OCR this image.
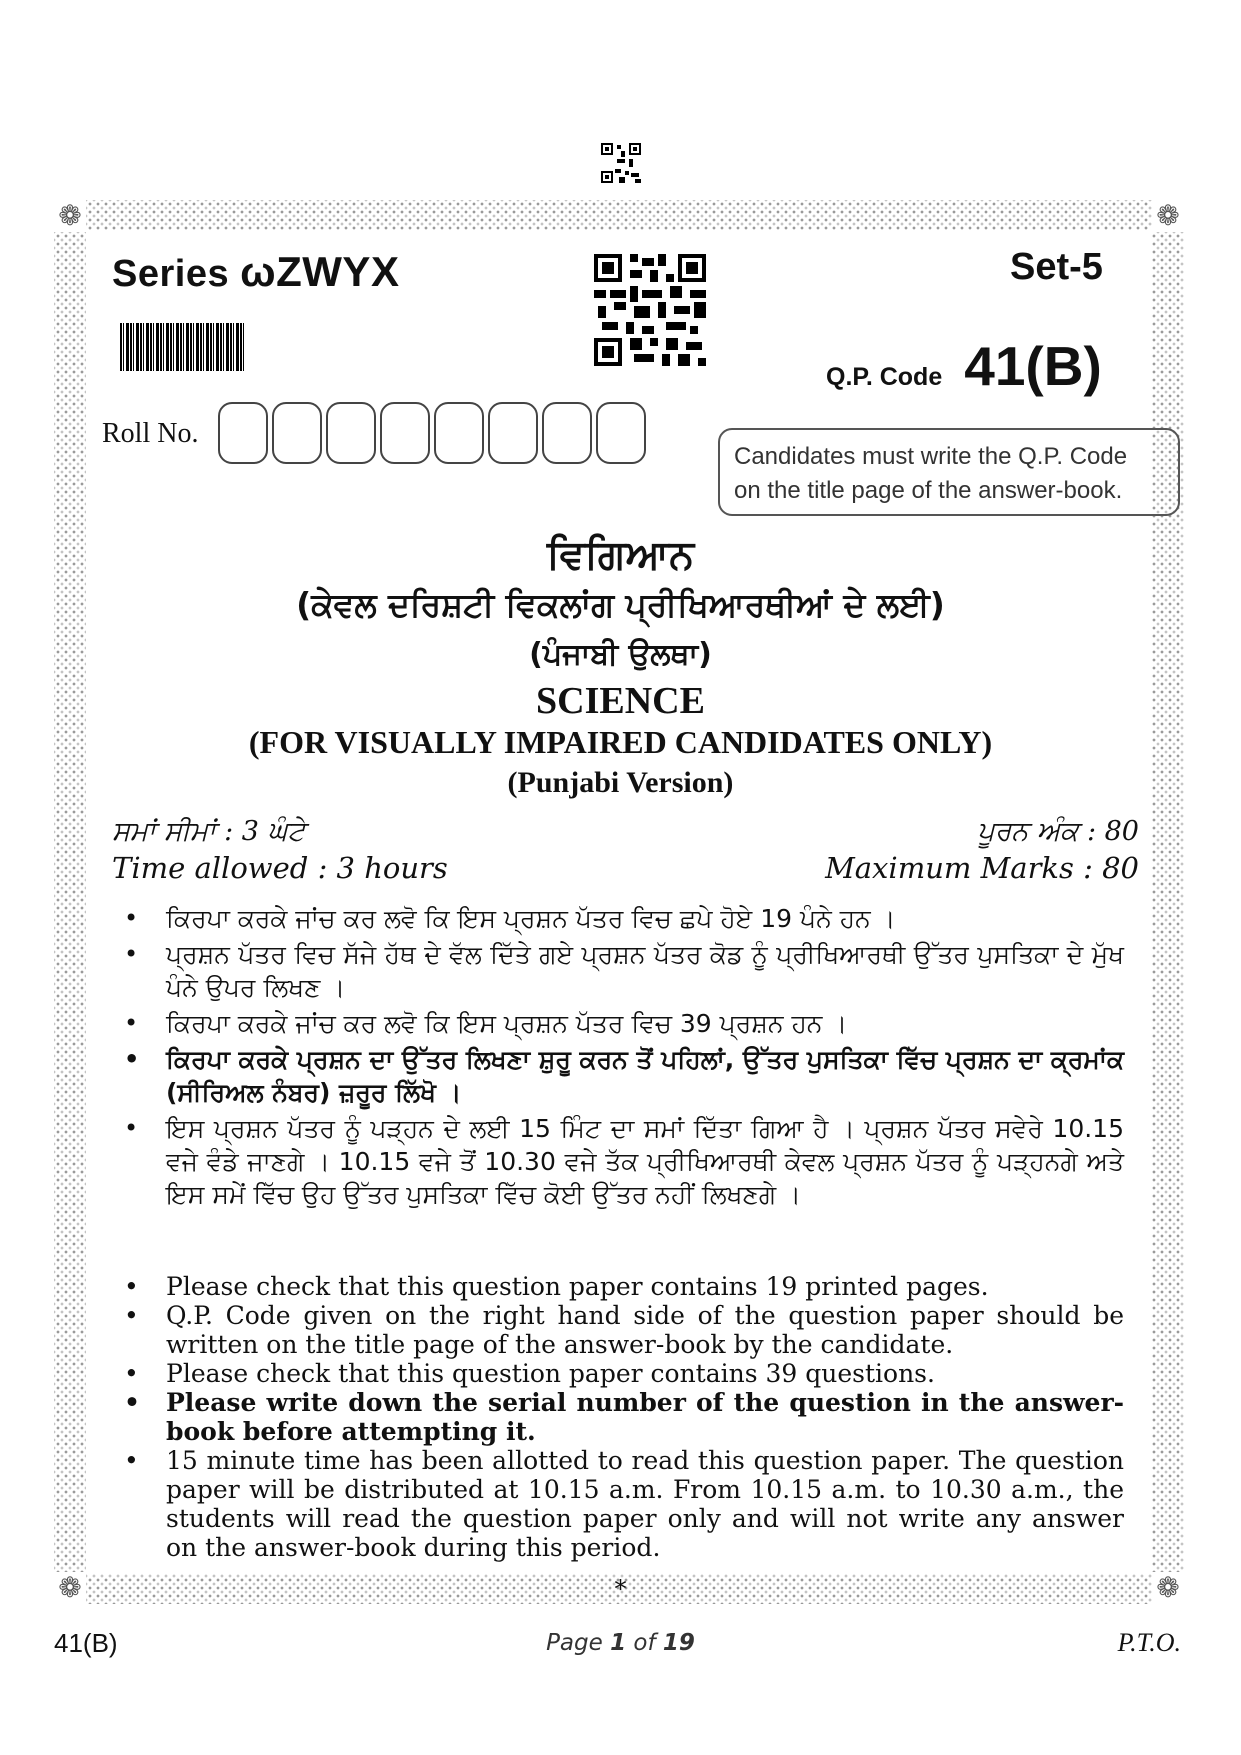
❁	❁
❁	❁
Series ωZWYX	Set-5
Q.P. Code 41(B)
Roll No.
Candidates must write the Q.P. Code
on the title page of the answer-book.
ਵਿਗਿਆਨ
(ਕੇਵਲ ਦਰਿਸ਼ਟੀ ਵਿਕਲਾਂਗ ਪ੍ਰੀਖਿਆਰਥੀਆਂ ਦੇ ਲਈ)
(ਪੰਜਾਬੀ ਉਲਥਾ)
SCIENCE
(FOR VISUALLY IMPAIRED CANDIDATES ONLY)
(Punjabi Version)
ਸਮਾਂ ਸੀਮਾਂ : 3 ਘੰਟੇ	ਪੂਰਨ ਅੰਕ : 80
Time allowed : 3 hours	Maximum Marks : 80
• ਕਿਰਪਾ ਕਰਕੇ ਜਾਂਚ ਕਰ ਲਵੋ ਕਿ ਇਸ ਪ੍ਰਸ਼ਨ ਪੱਤਰ ਵਿਚ ਛਪੇ ਹੋਏ 19 ਪੰਨੇ ਹਨ ।
• ਪ੍ਰਸ਼ਨ ਪੱਤਰ ਵਿਚ ਸੱਜੇ ਹੱਥ ਦੇ ਵੱਲ ਦਿੱਤੇ ਗਏ ਪ੍ਰਸ਼ਨ ਪੱਤਰ ਕੋਡ ਨੂੰ ਪ੍ਰੀਖਿਆਰਥੀ ਉੱਤਰ ਪੁਸਤਿਕਾ ਦੇ ਮੁੱਖ ਪੰਨੇ ਉਪਰ ਲਿਖਣ ।
• ਕਿਰਪਾ ਕਰਕੇ ਜਾਂਚ ਕਰ ਲਵੋ ਕਿ ਇਸ ਪ੍ਰਸ਼ਨ ਪੱਤਰ ਵਿਚ 39 ਪ੍ਰਸ਼ਨ ਹਨ ।
• ਕਿਰਪਾ ਕਰਕੇ ਪ੍ਰਸ਼ਨ ਦਾ ਉੱਤਰ ਲਿਖਣਾ ਸ਼ੁਰੂ ਕਰਨ ਤੋਂ ਪਹਿਲਾਂ, ਉੱਤਰ ਪੁਸਤਿਕਾ ਵਿੱਚ ਪ੍ਰਸ਼ਨ ਦਾ ਕ੍ਰਮਾਂਕ (ਸੀਰਿਅਲ ਨੰਬਰ) ਜ਼ਰੂਰ ਲਿੱਖੋ ।
• ਇਸ ਪ੍ਰਸ਼ਨ ਪੱਤਰ ਨੂੰ ਪੜ੍ਹਨ ਦੇ ਲਈ 15 ਮਿੰਟ ਦਾ ਸਮਾਂ ਦਿੱਤਾ ਗਿਆ ਹੈ । ਪ੍ਰਸ਼ਨ ਪੱਤਰ ਸਵੇਰੇ 10.15 ਵਜੇ ਵੰਡੇ ਜਾਣਗੇ । 10.15 ਵਜੇ ਤੋਂ 10.30 ਵਜੇ ਤੱਕ ਪ੍ਰੀਖਿਆਰਥੀ ਕੇਵਲ ਪ੍ਰਸ਼ਨ ਪੱਤਰ ਨੂੰ ਪੜ੍ਹਨਗੇ ਅਤੇ ਇਸ ਸਮੇਂ ਵਿੱਚ ਉਹ ਉੱਤਰ ਪੁਸਤਿਕਾ ਵਿੱਚ ਕੋਈ ਉੱਤਰ ਨਹੀਂ ਲਿਖਣਗੇ ।
• Please check that this question paper contains 19 printed pages.
• Q.P. Code given on the right hand side of the question paper should be written on the title page of the answer-book by the candidate.
• Please check that this question paper contains 39 questions.
• Please write down the serial number of the question in the answer-book before attempting it.
• 15 minute time has been allotted to read this question paper. The question paper will be distributed at 10.15 a.m. From 10.15 a.m. to 10.30 a.m., the students will read the question paper only and will not write any answer on the answer-book during this period.
*
41(B)	Page 1 of 19	P.T.O.
